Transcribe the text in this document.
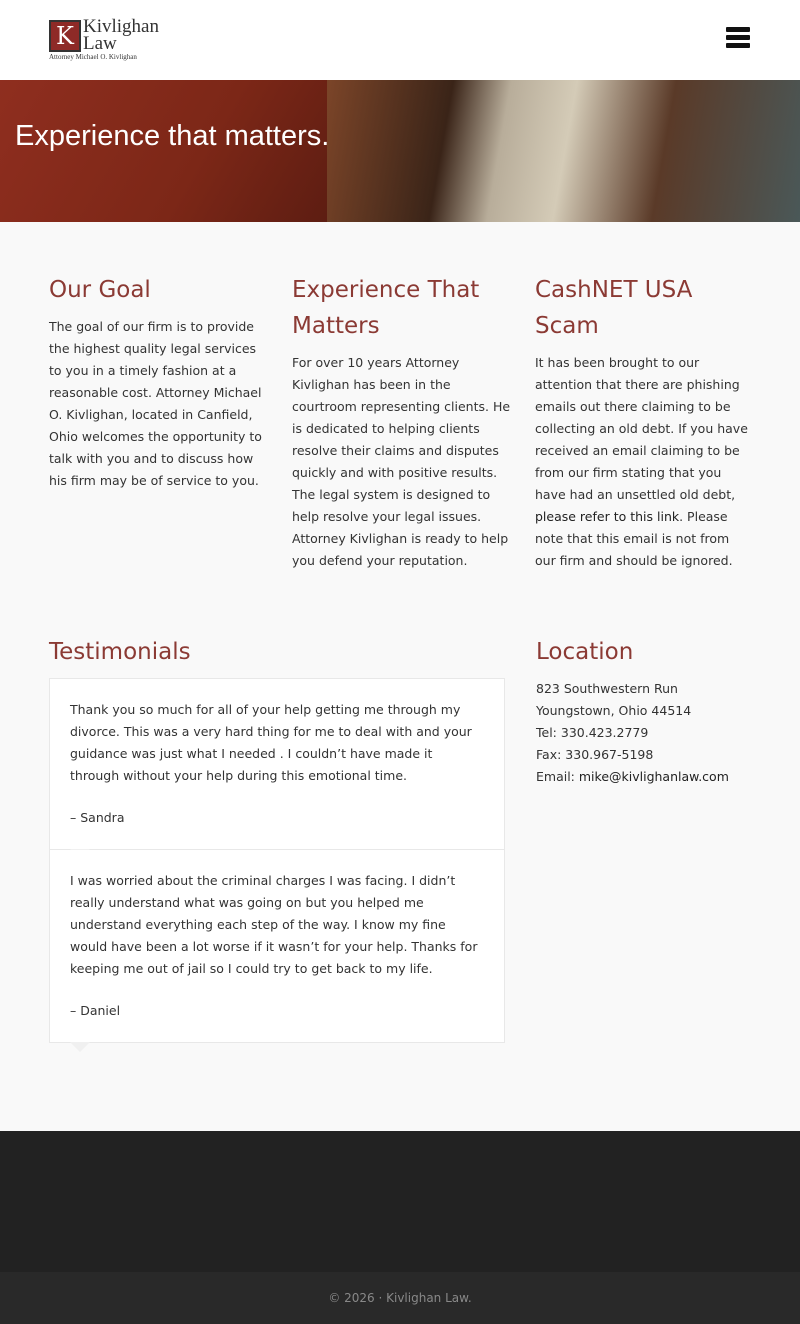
K Kivlighan
Law
Attorney Michael O. Kivlighan
Experience that matters.
Our Goal

The goal of our firm is to provide the highest quality legal services to you in a timely fashion at a reasonable cost. Attorney Michael O. Kivlighan, located in Canfield, Ohio welcomes the opportunity to talk with you and to discuss how his firm may be of service to you.

Experience That Matters

For over 10 years Attorney Kivlighan has been in the courtroom representing clients. He is dedicated to helping clients resolve their claims and disputes quickly and with positive results. The legal system is designed to help resolve your legal issues. Attorney Kivlighan is ready to help you defend your reputation.

CashNET USA Scam

It has been brought to our attention that there are phishing emails out there claiming to be collecting an old debt. If you have received an email claiming to be from our firm stating that you have had an unsettled old debt, please refer to this link. Please note that this email is not from our firm and should be ignored.

Testimonials

Thank you so much for all of your help getting me through my divorce. This was a very hard thing for me to deal with and your guidance was just what I needed . I couldn’t have made it through without your help during this emotional time.

– Sandra

I was worried about the criminal charges I was facing. I didn’t really understand what was going on but you helped me understand everything each step of the way. I know my fine would have been a lot worse if it wasn’t for your help. Thanks for keeping me out of jail so I could try to get back to my life.

– Daniel

Location

823 Southwestern Run

Youngstown, Ohio 44514

Tel: 330.423.2779

Fax: 330.967-5198

Email: mike@kivlighanlaw.com

© 2026 · Kivlighan Law.
